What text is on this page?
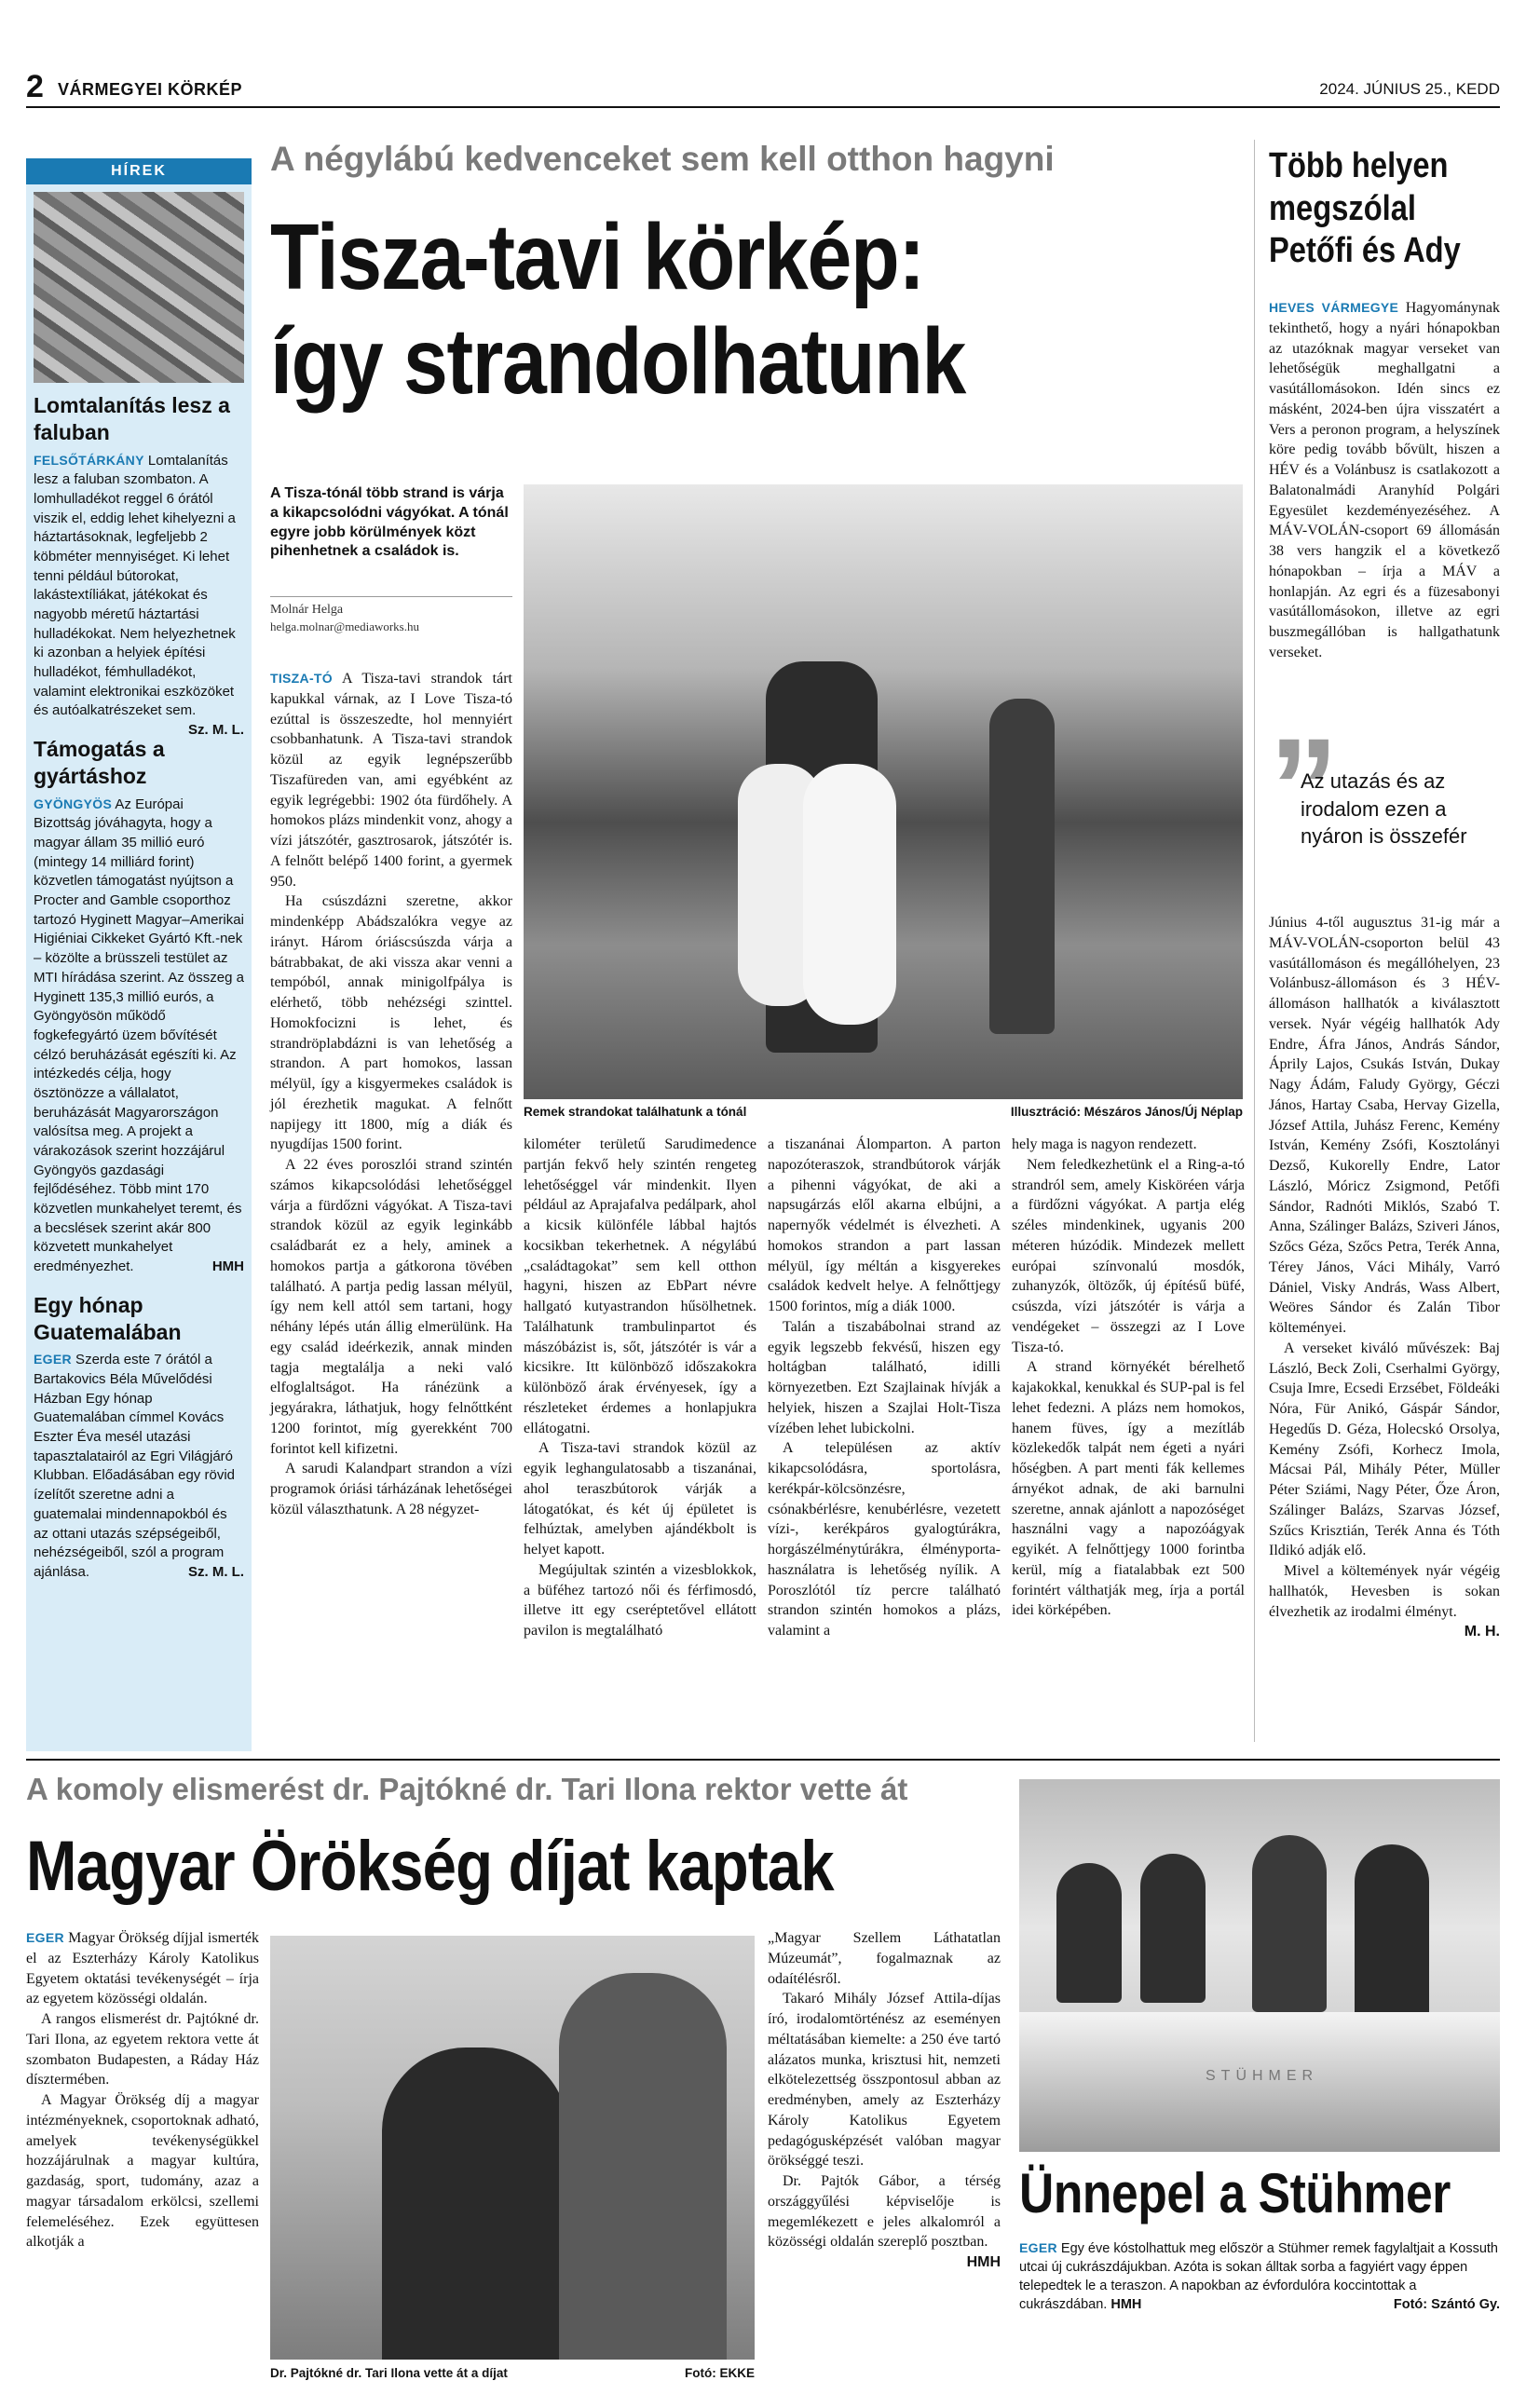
2 VÁRMEGYEI KÖRKÉP	2024. JÚNIUS 25., KEDD
HÍREK
Lomtalanítás lesz a faluban
FELSŐTÁRKÁNY Lomtalanítás lesz a faluban szombaton. A lomhulladékot reggel 6 órától viszik el, eddig lehet kihelyezni a háztartásoknak, legfeljebb 2 köbméter mennyiséget. Ki lehet tenni például bútorokat, lakástextíliákat, játékokat és nagyobb méretű háztartási hulladékokat. Nem helyezhetnek ki azonban a helyiek építési hulladékot, fémhulladékot, valamint elektronikai eszközöket és autóalkatrészeket sem.
Sz. M. L.
Támogatás a gyártáshoz
GYÖNGYÖS Az Európai Bizottság jóváhagyta, hogy a magyar állam 35 millió euró (mintegy 14 milliárd forint) közvetlen támogatást nyújtson a Procter and Gamble csoporthoz tartozó Hyginett Magyar–Amerikai Higiéniai Cikkeket Gyártó Kft.-nek – közölte a brüsszeli testület az MTI hírádása szerint. Az összeg a Hyginett 135,3 millió eurós, a Gyöngyösön működő fogkefegyártó üzem bővítését célzó beruházását egészíti ki. Az intézkedés célja, hogy ösztönözze a vállalatot, beruházását Magyarországon valósítsa meg. A projekt a várakozások szerint hozzájárul Gyöngyös gazdasági fejlődéséhez. Több mint 170 közvetlen munkahelyet teremt, és a becslések szerint akár 800 közvetett munkahelyet eredményezhet.	HMH
Egy hónap Guatemalában
EGER Szerda este 7 órától a Bartakovics Béla Művelődési Házban Egy hónap Guatemalában címmel Kovács Eszter Éva mesél utazási tapasztalatairól az Egri Világjáró Klubban. Előadásában egy rövid ízelítőt szeretne adni a guatemalai mindennapokból és az ottani utazás szépségeiből, nehézségeiből, szól a program ajánlása.	Sz. M. L.
A négylábú kedvenceket sem kell otthon hagyni
Tisza-tavi körkép:
így strandolhatunk
A Tisza-tónál több strand is várja a kikapcsolódni vágyókat. A tónál egyre jobb körülmények közt pihenhetnek a családok is.
Molnár Helga
helga.molnar@mediaworks.hu
Remek strandokat találhatunk a tónál	Illusztráció: Mészáros János/Új Néplap

TISZA-TÓ A Tisza-tavi strandok tárt kapukkal várnak, az I Love Tisza-tó ezúttal is összeszedte, hol mennyiért csobbanhatunk. A Tisza-tavi strandok közül az egyik legnépszerűbb Tiszafüreden van, ami egyébként az egyik legrégebbi: 1902 óta fürdőhely. A homokos plázs mindenkit vonz, ahogy a vízi játszótér, gasztrosarok, játszótér is. A felnőtt belépő 1400 forint, a gyermek 950.

Ha csúszdázni szeretne, akkor mindenképp Abádszalókra vegye az irányt. Három óriáscsúszda várja a bátrabbakat, de aki vissza akar venni a tempóból, annak minigolfpálya is elérhető, több nehézségi szinttel. Homokfocizni is lehet, és strandröplabdázni is van lehetőség a strandon. A part homokos, lassan mélyül, így a kisgyermekes családok is jól érezhetik magukat. A felnőtt napijegy itt 1800, míg a diák és nyugdíjas 1500 forint.

A 22 éves poroszlói strand szintén számos kikapcsolódási lehetőséggel várja a fürdőzni vágyókat. A Tisza-tavi strandok közül az egyik leginkább családbarát ez a hely, aminek a homokos partja a gátkorona tövében található. A partja pedig lassan mélyül, így nem kell attól sem tartani, hogy néhány lépés után állig elmerülünk. Ha egy család ideérkezik, annak minden tagja megtalálja a neki való elfoglaltságot. Ha ránézünk a jegyárakra, láthatjuk, hogy felnőttként 1200 forintot, míg gyerekként 700 forintot kell kifizetni.

A sarudi Kalandpart strandon a vízi programok óriási tárházának lehetőségei közül választhatunk. A 28 négyzet-

kilométer területű Sarudimedence partján fekvő hely szintén rengeteg lehetőséggel vár mindenkit. Ilyen például az Aprajafalva pedálpark, ahol a kicsik különféle lábbal hajtós kocsikban tekerhetnek. A négylábú „családtagokat” sem kell otthon hagyni, hiszen az EbPart névre hallgató kutyastrandon hűsölhetnek. Találhatunk trambulinpartot és mászóbázist is, sőt, játszótér is vár a kicsikre. Itt különböző időszakokra különböző árak érvényesek, így a részleteket érdemes a honlapjukra ellátogatni.

A Tisza-tavi strandok közül az egyik leghangulatosabb a tiszanánai, ahol teraszbútorok várják a látogatókat, és két új épületet is felhúztak, amelyben ajándékbolt is helyet kapott.

Megújultak szintén a vizesblokkok, a büféhez tartozó női és férfimosdó, illetve itt egy cseréptetővel ellátott pavilon is megtalálható

a tiszanánai Álomparton. A parton napozóteraszok, strandbútorok várják a pihenni vágyókat, de aki a napsugárzás elől akarna elbújni, a napernyők védelmét is élvezheti. A homokos strandon a part lassan mélyül, így méltán a kisgyerekes családok kedvelt helye. A felnőttjegy 1500 forintos, míg a diák 1000.

Talán a tiszabábolnai strand az egyik legszebb fekvésű, hiszen egy holtágban található, idilli környezetben. Ezt Szajlainak hívják a helyiek, hiszen a Szajlai Holt-Tisza vízében lehet lubickolni.

A településen az aktív kikapcsolódásra, sportolásra, kerékpár-kölcsönzésre, csónakbérlésre, kenubérlésre, vezetett vízi-, kerékpáros gyalogtúrákra, horgászélménytúrákra, élményporta-használatra is lehetőség nyílik. A Poroszlótól tíz percre található strandon szintén homokos a plázs, valamint a

hely maga is nagyon rendezett.

Nem feledkezhetünk el a Ring-a-tó strandról sem, amely Kisköréen várja a fürdőzni vágyókat. A partja elég széles mindenkinek, ugyanis 200 méteren húzódik. Mindezek mellett európai színvonalú mosdók, zuhanyzók, öltözők, új építésű büfé, csúszda, vízi játszótér is várja a vendégeket – összegzi az I Love Tisza-tó.

A strand környékét bérelhető kajakokkal, kenukkal és SUP-pal is fel lehet fedezni. A plázs nem homokos, hanem füves, így a mezítláb közlekedők talpát nem égeti a nyári hőségben. A part menti fák kellemes árnyékot adnak, de aki barnulni szeretne, annak ajánlott a napozóséget használni vagy a napozóágyak egyikét. A felnőttjegy 1000 forintba kerül, míg a fiatalabbak ezt 500 forintért válthatják meg, írja a portál idei körképében.

Több helyen megszólal Petőfi és Ady
HEVES VÁRMEGYE Hagyománynak tekinthető, hogy a nyári hónapokban az utazóknak magyar verseket van lehetőségük meghallgatni a vasútállomásokon. Idén sincs ez másként, 2024-ben újra visszatért a Vers a peronon program, a helyszínek köre pedig tovább bővült, hiszen a HÉV és a Volánbusz is csatlakozott a Balatonalmádi Aranyhíd Polgári Egyesület kezdeményezéséhez. A MÁV-VOLÁN-csoport 69 állomásán 38 vers hangzik el a következő hónapokban – írja a MÁV a honlapján. Az egri és a füzesabonyi vasútállomásokon, illetve az egri buszmegállóban is hallgathatunk verseket.
”
Az utazás és az irodalom ezen a nyáron is összefér

Június 4-től augusztus 31-ig már a MÁV-VOLÁN-csoporton belül 43 vasútállomáson és megállóhelyen, 23 Volánbusz-állomáson és 3 HÉV-állomáson hallhatók a kiválasztott versek. Nyár végéig hallhatók Ady Endre, Áfra János, András Sándor, Áprily Lajos, Csukás István, Dukay Nagy Ádám, Faludy György, Géczi János, Hartay Csaba, Hervay Gizella, József Attila, Juhász Ferenc, Kemény István, Kemény Zsófi, Kosztolányi Dezső, Kukorelly Endre, Lator László, Móricz Zsigmond, Petőfi Sándor, Radnóti Miklós, Szabó T. Anna, Szálinger Balázs, Sziveri János, Szőcs Géza, Szőcs Petra, Terék Anna, Térey János, Váci Mihály, Varró Dániel, Visky András, Wass Albert, Weöres Sándor és Zalán Tibor költeményei.

A verseket kiváló művészek: Baj László, Beck Zoli, Cserhalmi György, Csuja Imre, Ecsedi Erzsébet, Földeáki Nóra, Für Anikó, Gáspár Sándor, Hegedűs D. Géza, Holecskó Orsolya, Kemény Zsófi, Korhecz Imola, Mácsai Pál, Mihály Péter, Müller Péter Sziámi, Nagy Péter, Őze Áron, Szálinger Balázs, Szarvas József, Szűcs Krisztián, Terék Anna és Tóth Ildikó adják elő.

Mivel a költemények nyár végéig hallhatók, Hevesben is sokan élvezhetik az irodalmi élményt.
M. H.

A komoly elismerést dr. Pajtókné dr. Tari Ilona rektor vette át
Magyar Örökség díjat kaptak

EGER Magyar Örökség díjjal ismerték el az Eszterházy Károly Katolikus Egyetem oktatási tevékenységét – írja az egyetem közösségi oldalán.

A rangos elismerést dr. Pajtókné dr. Tari Ilona, az egyetem rektora vette át szombaton Budapesten, a Ráday Ház dísztermében.

A Magyar Örökség díj a magyar intézményeknek, csoportoknak adható, amelyek tevékenységükkel hozzájárulnak a magyar kultúra, gazdaság, sport, tudomány, azaz a magyar társadalom erkölcsi, szellemi felemeléséhez. Ezek együttesen alkotják a

Dr. Pajtókné dr. Tari Ilona vette át a díjat	Fotó: EKKE

„Magyar Szellem Láthatatlan Múzeumát”, fogalmaznak az odaítélésről.

Takaró Mihály József Attila-díjas író, irodalomtörténész az eseményen méltatásában kiemelte: a 250 éve tartó alázatos munka, krisztusi hit, nemzeti elkötelezettség összpontosul abban az eredményben, amely az Eszterházy Károly Katolikus Egyetem pedagógusképzését valóban magyar örökséggé teszi.

Dr. Pajtók Gábor, a térség országgyűlési képviselője is megemlékezett e jeles alkalomról a közösségi oldalán szereplő posztban.
HMH

STÜHMER
Ünnepel a Stühmer
EGER Egy éve kóstolhattuk meg először a Stühmer remek fagylaltjait a Kossuth utcai új cukrászdájukban. Azóta is sokan álltak sorba a fagyiért vagy éppen telepedtek le a teraszon. A napokban az évfordulóra koccintottak a cukrászdában. HMH	Fotó: Szántó Gy.
